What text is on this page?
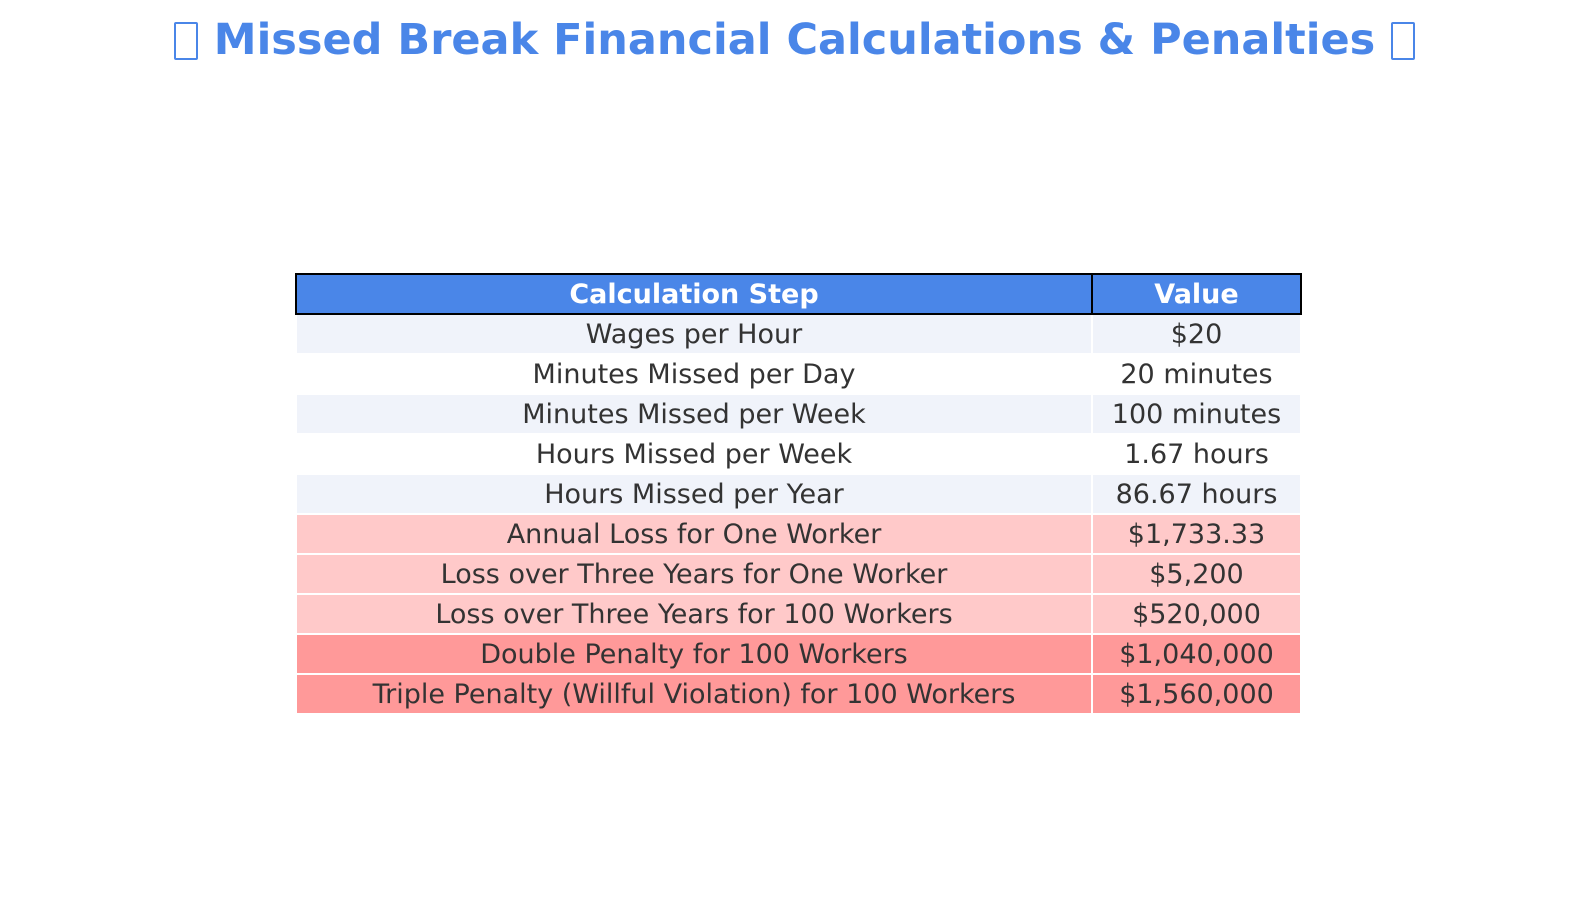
Missed Break Financial Calculations & Penalties
Calculation Step	Value
Wages per Hour	$20
Minutes Missed per Day	20 minutes
Minutes Missed per Week	100 minutes
Hours Missed per Week	1.67 hours
Hours Missed per Year	86.67 hours
Annual Loss for One Worker	$1,733.33
Loss over Three Years for One Worker	$5,200
Loss over Three Years for 100 Workers	$520,000
Double Penalty for 100 Workers	$1,040,000
Triple Penalty (Willful Violation) for 100 Workers	$1,560,000
